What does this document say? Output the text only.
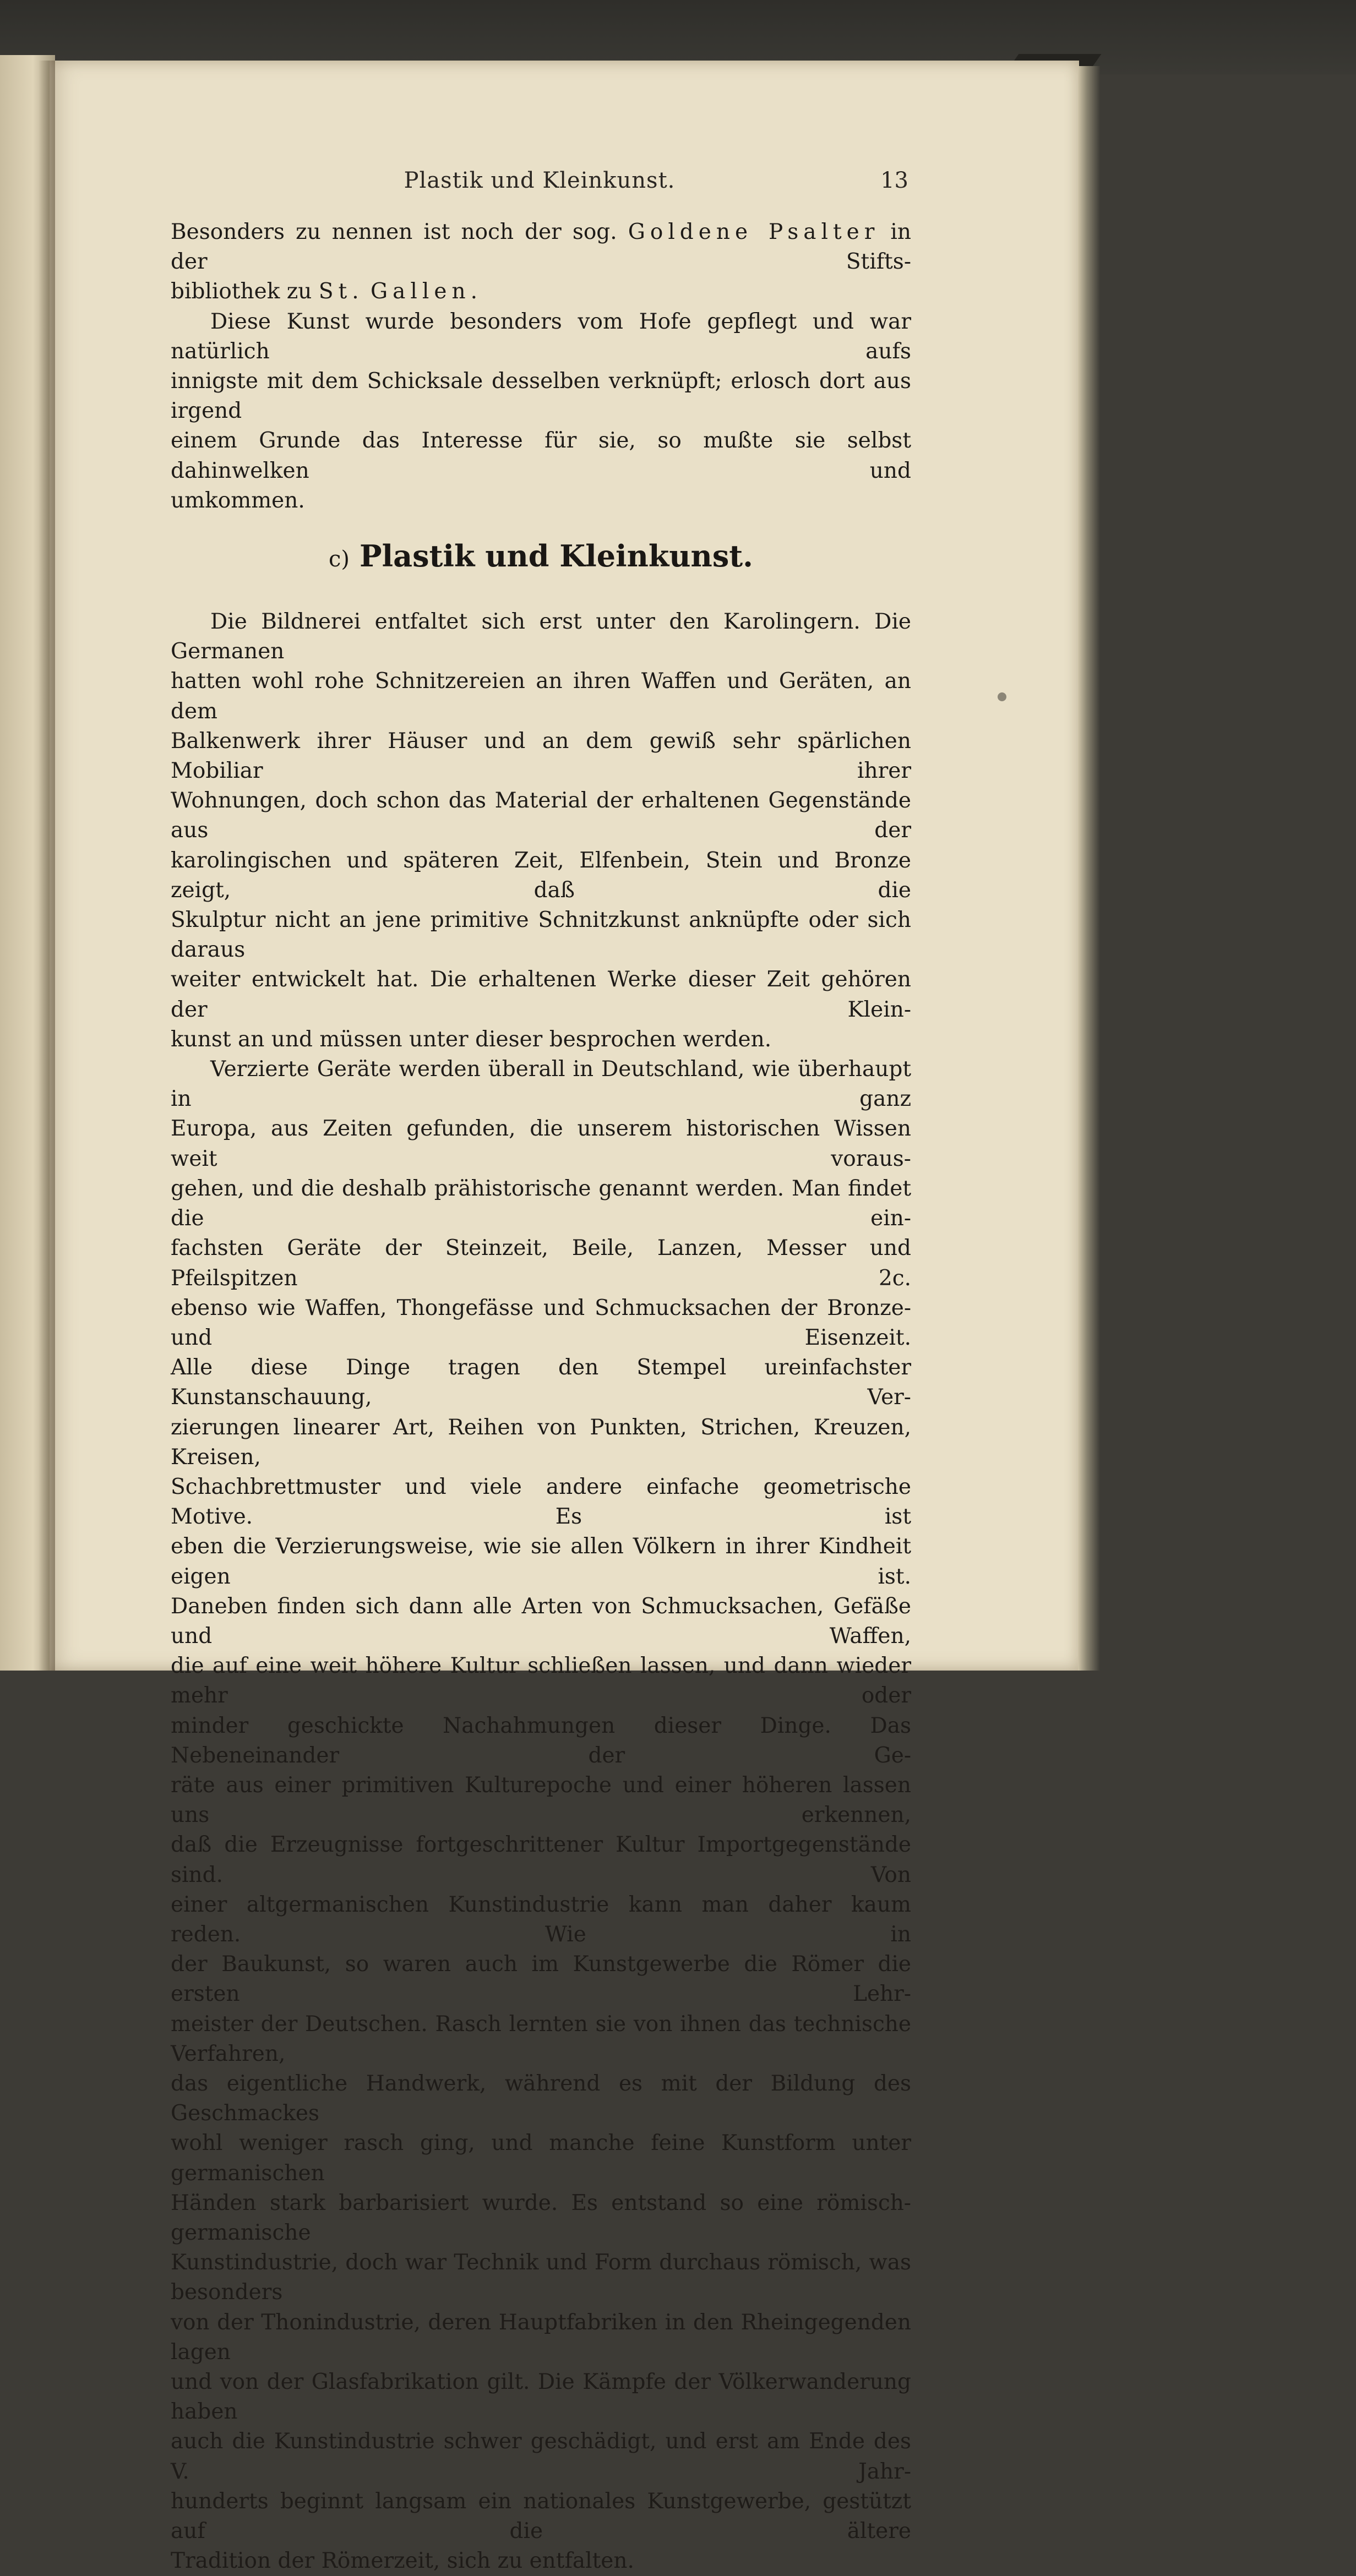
Plastik und Kleinkunst.	13

Besonders zu nennen ist noch der sog. Goldene Psalter in der Stifts-

bibliothek zu St. Gallen.

Diese Kunst wurde besonders vom Hofe gepflegt und war natürlich aufs

innigste mit dem Schicksale desselben verknüpft; erlosch dort aus irgend

einem Grunde das Interesse für sie, so mußte sie selbst dahinwelken und

umkommen.

c) Plastik und Kleinkunst.

Die Bildnerei entfaltet sich erst unter den Karolingern. Die Germanen

hatten wohl rohe Schnitzereien an ihren Waffen und Geräten, an dem

Balkenwerk ihrer Häuser und an dem gewiß sehr spärlichen Mobiliar ihrer

Wohnungen, doch schon das Material der erhaltenen Gegenstände aus der

karolingischen und späteren Zeit, Elfenbein, Stein und Bronze zeigt, daß die

Skulptur nicht an jene primitive Schnitzkunst anknüpfte oder sich daraus

weiter entwickelt hat. Die erhaltenen Werke dieser Zeit gehören der Klein-

kunst an und müssen unter dieser besprochen werden.

Verzierte Geräte werden überall in Deutschland, wie überhaupt in ganz

Europa, aus Zeiten gefunden, die unserem historischen Wissen weit voraus-

gehen, und die deshalb prähistorische genannt werden. Man findet die ein-

fachsten Geräte der Steinzeit, Beile, Lanzen, Messer und Pfeilspitzen 2c.

ebenso wie Waffen, Thongefässe und Schmucksachen der Bronze- und Eisenzeit.

Alle diese Dinge tragen den Stempel ureinfachster Kunstanschauung, Ver-

zierungen linearer Art, Reihen von Punkten, Strichen, Kreuzen, Kreisen,

Schachbrettmuster und viele andere einfache geometrische Motive. Es ist

eben die Verzierungsweise, wie sie allen Völkern in ihrer Kindheit eigen ist.

Daneben finden sich dann alle Arten von Schmucksachen, Gefäße und Waffen,

die auf eine weit höhere Kultur schließen lassen, und dann wieder mehr oder

minder geschickte Nachahmungen dieser Dinge. Das Nebeneinander der Ge-

räte aus einer primitiven Kulturepoche und einer höheren lassen uns erkennen,

daß die Erzeugnisse fortgeschrittener Kultur Importgegenstände sind. Von

einer altgermanischen Kunstindustrie kann man daher kaum reden. Wie in

der Baukunst, so waren auch im Kunstgewerbe die Römer die ersten Lehr-

meister der Deutschen. Rasch lernten sie von ihnen das technische Verfahren,

das eigentliche Handwerk, während es mit der Bildung des Geschmackes

wohl weniger rasch ging, und manche feine Kunstform unter germanischen

Händen stark barbarisiert wurde. Es entstand so eine römisch-germanische

Kunstindustrie, doch war Technik und Form durchaus römisch, was besonders

von der Thonindustrie, deren Hauptfabriken in den Rheingegenden lagen

und von der Glasfabrikation gilt. Die Kämpfe der Völkerwanderung haben

auch die Kunstindustrie schwer geschädigt, und erst am Ende des V. Jahr-

hunderts beginnt langsam ein nationales Kunstgewerbe, gestützt auf die ältere

Tradition der Römerzeit, sich zu entfalten.
